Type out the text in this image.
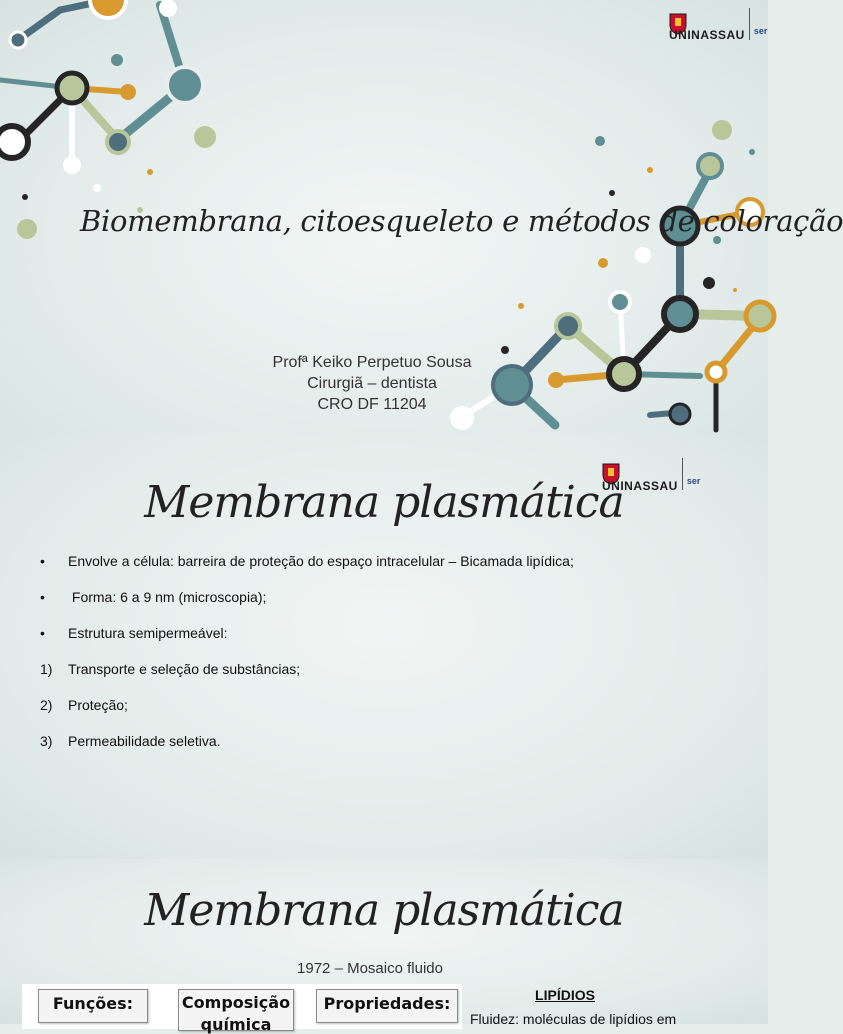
UNINASSAU ser
Biomembrana, citoesqueleto e métodos de coloração
Profª Keiko Perpetuo Sousa
Cirurgiã – dentista
CRO DF 11204
UNINASSAU ser
Membrana plasmática
•	Envolve a célula: barreira de proteção do espaço intracelular – Bicamada lipídica;
•	Forma: 6 a 9 nm (microscopia);
•	Estrutura semipermeável:
1)	Transporte e seleção de substâncias;
2)	Proteção;
3)	Permeabilidade seletiva.
Membrana plasmática
1972 – Mosaico fluido
Funções:	Composição
química
Propriedades:	LIPÍDIOS
Fluidez: moléculas de lipídios em
